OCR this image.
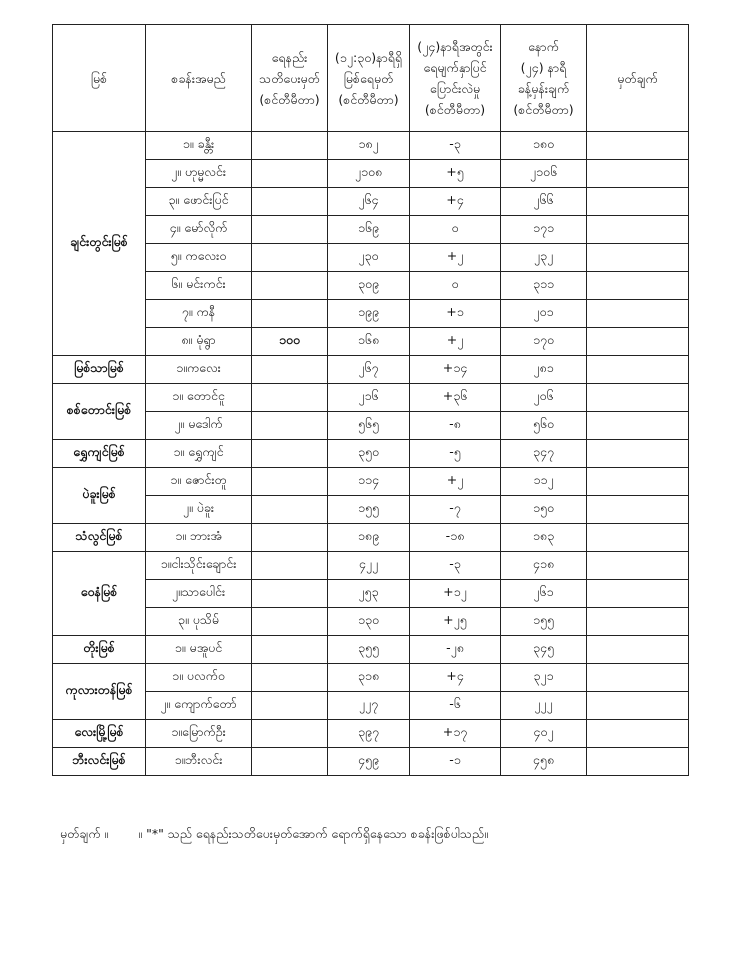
မြစ်	စခန်းအမည်	ရေနည်း
သတိပေးမှတ်
(စင်တီမီတာ)	(၁၂:၃၀)နာရီရှိ
မြစ်ရေမှတ်
(စင်တီမီတာ)	(၂၄)နာရီအတွင်း
ရေမျက်နှာပြင်
ပြောင်းလဲမှု
(စင်တီမီတာ)	နောက်
(၂၄) နာရီ
ခန့်မှန်းချက်
(စင်တီမီတာ)	မှတ်ချက်
ချင်းတွင်းမြစ်	၁။ ခန္တီး		၁၈၂	-၃	၁၈၀	
	၂။ ဟုမ္မလင်း		၂၁၀၈	+၅	၂၁၀၆	
	၃။ ဖောင်းပြင်		၂၆၄	+၄	၂၆၆	
	၄။ မော်လိုက်		၁၆၉	၀	၁၇၁	
	၅။ ကလေးဝ		၂၃၀	+၂	၂၃၂	
	၆။ မင်းကင်း		၃၀၉	၀	၃၁၁	
	၇။ ကနီ		၁၉၉	+၁	၂၀၁	
	၈။ မုံရွာ	၁၀၀	၁၆၈	+၂	၁၇၀	
မြစ်သာမြစ်	၁။ကလေး		၂၆၇	+၁၄	၂၈၁	
စစ်တောင်းမြစ်	၁။ တောင်ငူ		၂၁၆	+၃၆	၂၀၆	
	၂။ မဒေါက်		၅၆၅	-၈	၅၆၀	
ရွှေကျင်မြစ်	၁။ ရွှေကျင်		၃၅၀	-၅	၃၄၇	
ပဲခူးမြစ်	၁။ ဇောင်းတူ		၁၁၄	+၂	၁၁၂	
	၂။ ပဲခူး		၁၅၅	-၇	၁၅၀	
သံလွင်မြစ်	၁။ ဘားအံ		၁၈၉	-၁၈	၁၈၃	
ဝေနံမြစ်	၁။ငါးသိုင်းချောင်း		၄၂၂	-၃	၄၁၈	
	၂။သာပေါင်း		၂၅၃	+၁၂	၂၆၁	
	၃။ ပုသိမ်		၁၃၀	+၂၅	၁၅၅	
တိုးမြစ်	၁။ မအူပင်		၃၅၅	-၂၈	၃၄၅	
ကုလားတန်မြစ်	၁။ ပလက်ဝ		၃၁၈	+၄	၃၂၁	
	၂။ ကျောက်တော်		၂၂၇	-၆	၂၂၂	
လေးမြို့မြစ်	၁။မြောက်ဦး		၃၉၇	+၁၇	၄၀၂	
ဘီးလင်းမြစ်	၁။ဘီးလင်း		၄၅၉	-၁	၄၅၈	
မှတ်ချက် ။ ။ "*" သည် ရေနည်းသတိပေးမှတ်အောက် ရောက်ရှိနေသော စခန်းဖြစ်ပါသည်။
